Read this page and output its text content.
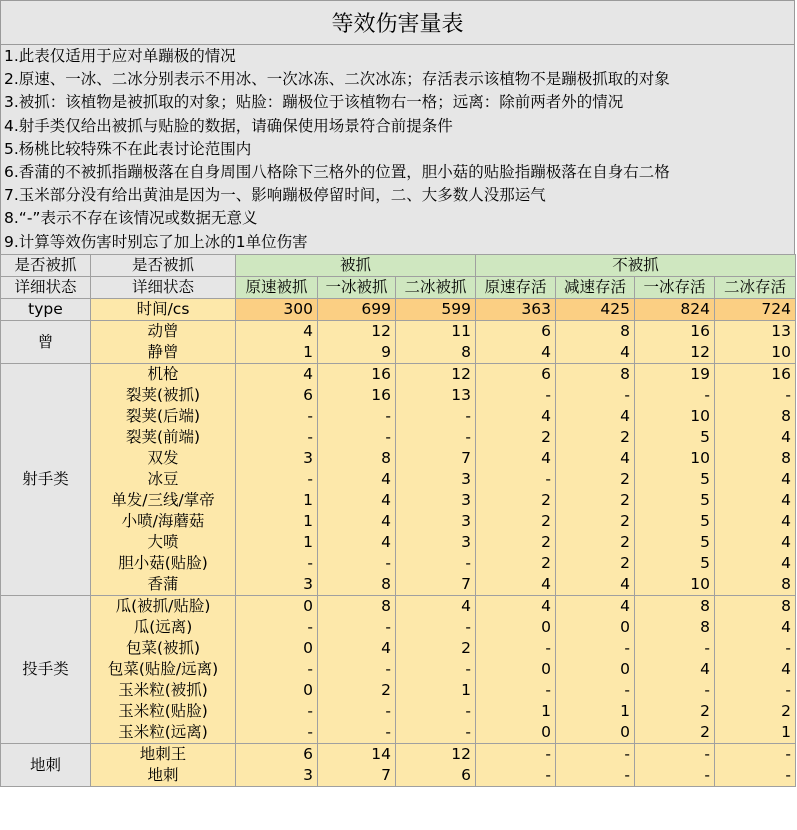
等效伤害量表
1.此表仅适用于应对单蹦极的情况
2.原速、一冰、二冰分别表示不用冰、一次冰冻、二次冰冻；存活表示该植物不是蹦极抓取的对象
3.被抓：该植物是被抓取的对象；贴脸：蹦极位于该植物右一格；远离：除前两者外的情况
4.射手类仅给出被抓与贴脸的数据，请确保使用场景符合前提条件
5.杨桃比较特殊不在此表讨论范围内
6.香蒲的不被抓指蹦极落在自身周围八格除下三格外的位置，胆小菇的贴脸指蹦极落在自身右二格
7.玉米部分没有给出黄油是因为一、影响蹦极停留时间，二、大多数人没那运气
8.“-”表示不存在该情况或数据无意义
9.计算等效伤害时别忘了加上冰的1单位伤害
是否被抓	是否被抓	被抓			不被抓			
详细状态	详细状态	原速被抓	一冰被抓	二冰被抓	原速存活	减速存活	一冰存活	二冰存活
type	时间/cs	300	699	599	363	425	824	724
曾	动曾	4	12	11	6	8	16	13
	静曾	1	9	8	4	4	12	10
射手类	机枪	4	16	12	6	8	19	16
	裂荚(被抓)	6	16	13	-	-	-	-
	裂荚(后端)	-	-	-	4	4	10	8
	裂荚(前端)	-	-	-	2	2	5	4
	双发	3	8	7	4	4	10	8
	冰豆	-	4	3	-	2	5	4
	单发/三线/掌帝	1	4	3	2	2	5	4
	小喷/海蘑菇	1	4	3	2	2	5	4
	大喷	1	4	3	2	2	5	4
	胆小菇(贴脸)	-	-	-	2	2	5	4
	香蒲	3	8	7	4	4	10	8
投手类	瓜(被抓/贴脸)	0	8	4	4	4	8	8
	瓜(远离)	-	-	-	0	0	8	4
	包菜(被抓)	0	4	2	-	-	-	-
	包菜(贴脸/远离)	-	-	-	0	0	4	4
	玉米粒(被抓)	0	2	1	-	-	-	-
	玉米粒(贴脸)	-	-	-	1	1	2	2
	玉米粒(远离)	-	-	-	0	0	2	1
地刺	地刺王	6	14	12	-	-	-	-
	地刺	3	7	6	-	-	-	-
